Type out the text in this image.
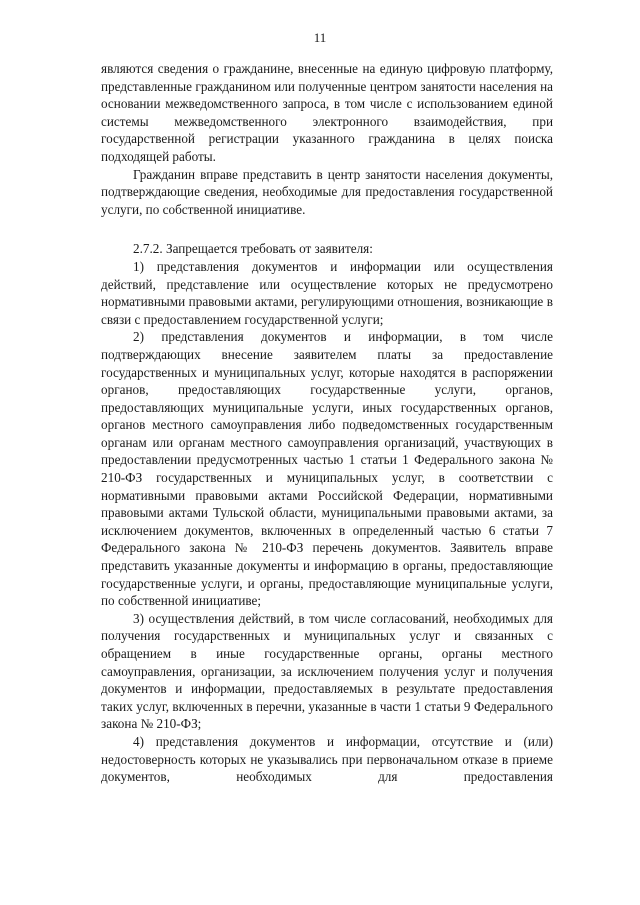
11

являются сведения о гражданине, внесенные на единую цифровую платформу, представленные гражданином или полученные центром занятости населения на основании межведомственного запроса, в том числе с использованием единой системы межведомственного электронного взаимодействия, при государственной регистрации указанного гражданина в целях поиска подходящей работы.

Гражданин вправе представить в центр занятости населения документы, подтверждающие сведения, необходимые для предоставления государственной услуги, по собственной инициативе.

2.7.2. Запрещается требовать от заявителя:

1) представления документов и информации или осуществления действий, представление или осуществление которых не предусмотрено нормативными правовыми актами, регулирующими отношения, возникающие в связи с предоставлением государственной услуги;

2) представления документов и информации, в том числе подтверждающих внесение заявителем платы за предоставление государственных и муниципальных услуг, которые находятся в распоряжении органов, предоставляющих государственные услуги, органов, предоставляющих муниципальные услуги, иных государственных органов, органов местного самоуправления либо подведомственных государственным органам или органам местного самоуправления организаций, участвующих в предоставлении предусмотренных частью 1 статьи 1 Федерального закона № 210-ФЗ государственных и муниципальных услуг, в соответствии с нормативными правовыми актами Российской Федерации, нормативными правовыми актами Тульской области, муниципальными правовыми актами, за исключением документов, включенных в определенный частью 6 статьи 7 Федерального закона № 210-ФЗ перечень документов. Заявитель вправе представить указанные документы и информацию в органы, предоставляющие государственные услуги, и органы, предоставляющие муниципальные услуги, по собственной инициативе;

3) осуществления действий, в том числе согласований, необходимых для получения государственных и муниципальных услуг и связанных с обращением в иные государственные органы, органы местного самоуправления, организации, за исключением получения услуг и получения документов и информации, предоставляемых в результате предоставления таких услуг, включенных в перечни, указанные в части 1 статьи 9 Федерального закона № 210-ФЗ;

4) представления документов и информации, отсутствие и (или) недостоверность которых не указывались при первоначальном отказе в приеме документов, необходимых для предоставления
